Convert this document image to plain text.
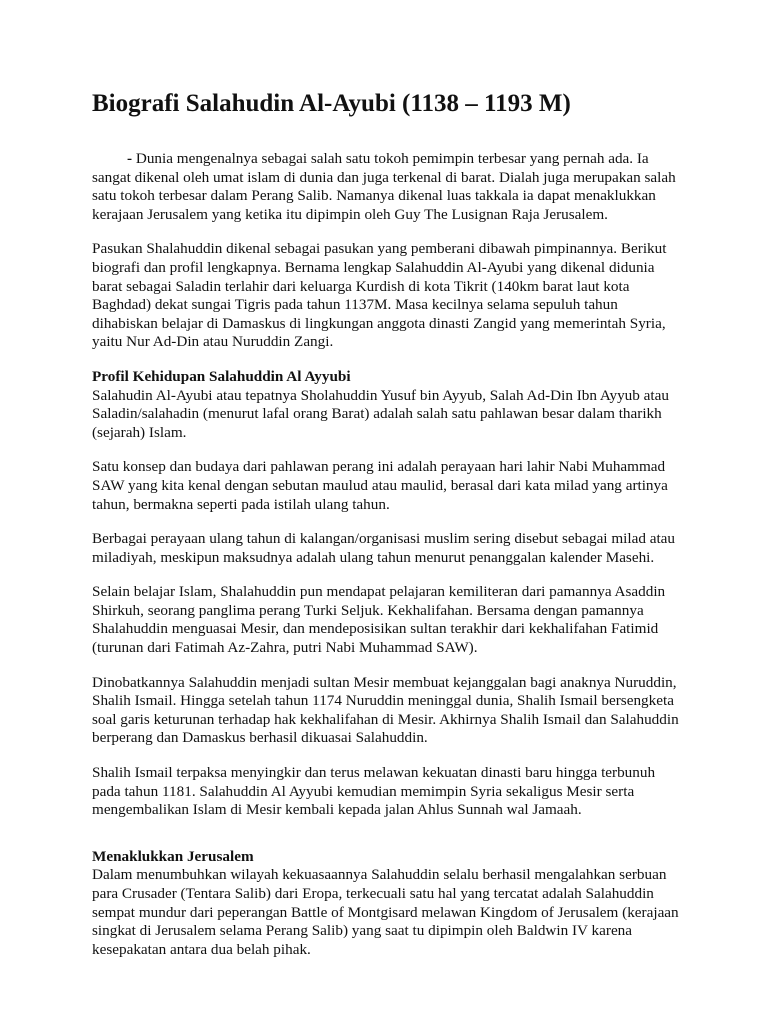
Biografi Salahudin Al-Ayubi (1138 – 1193 M)

- Dunia mengenalnya sebagai salah satu tokoh pemimpin terbesar yang pernah ada. Ia sangat dikenal oleh umat islam di dunia dan juga terkenal di barat. Dialah juga merupakan salah satu tokoh terbesar dalam Perang Salib. Namanya dikenal luas takkala ia dapat menaklukkan kerajaan Jerusalem yang ketika itu dipimpin oleh Guy The Lusignan Raja Jerusalem.

Pasukan Shalahuddin dikenal sebagai pasukan yang pemberani dibawah pimpinannya. Berikut biografi dan profil lengkapnya. Bernama lengkap Salahuddin Al-Ayubi yang dikenal didunia barat sebagai Saladin terlahir dari keluarga Kurdish di kota Tikrit (140km barat laut kota Baghdad) dekat sungai Tigris pada tahun 1137M. Masa kecilnya selama sepuluh tahun dihabiskan belajar di Damaskus di lingkungan anggota dinasti Zangid yang memerintah Syria, yaitu Nur Ad-Din atau Nuruddin Zangi.

Profil Kehidupan Salahuddin Al Ayyubi
Salahudin Al-Ayubi atau tepatnya Sholahuddin Yusuf bin Ayyub, Salah Ad-Din Ibn Ayyub atau Saladin/salahadin (menurut lafal orang Barat) adalah salah satu pahlawan besar dalam tharikh (sejarah) Islam.

Satu konsep dan budaya dari pahlawan perang ini adalah perayaan hari lahir Nabi Muhammad SAW yang kita kenal dengan sebutan maulud atau maulid, berasal dari kata milad yang artinya tahun, bermakna seperti pada istilah ulang tahun.

Berbagai perayaan ulang tahun di kalangan/organisasi muslim sering disebut sebagai milad atau miladiyah, meskipun maksudnya adalah ulang tahun menurut penanggalan kalender Masehi.

Selain belajar Islam, Shalahuddin pun mendapat pelajaran kemiliteran dari pamannya Asaddin Shirkuh, seorang panglima perang Turki Seljuk. Kekhalifahan. Bersama dengan pamannya Shalahuddin menguasai Mesir, dan mendeposisikan sultan terakhir dari kekhalifahan Fatimid (turunan dari Fatimah Az-Zahra, putri Nabi Muhammad SAW).

Dinobatkannya Salahuddin menjadi sultan Mesir membuat kejanggalan bagi anaknya Nuruddin, Shalih Ismail. Hingga setelah tahun 1174 Nuruddin meninggal dunia, Shalih Ismail bersengketa soal garis keturunan terhadap hak kekhalifahan di Mesir. Akhirnya Shalih Ismail dan Salahuddin berperang dan Damaskus berhasil dikuasai Salahuddin.

Shalih Ismail terpaksa menyingkir dan terus melawan kekuatan dinasti baru hingga terbunuh pada tahun 1181. Salahuddin Al Ayyubi kemudian memimpin Syria sekaligus Mesir serta mengembalikan Islam di Mesir kembali kepada jalan Ahlus Sunnah wal Jamaah.

Menaklukkan Jerusalem
Dalam menumbuhkan wilayah kekuasaannya Salahuddin selalu berhasil mengalahkan serbuan para Crusader (Tentara Salib) dari Eropa, terkecuali satu hal yang tercatat adalah Salahuddin sempat mundur dari peperangan Battle of Montgisard melawan Kingdom of Jerusalem (kerajaan singkat di Jerusalem selama Perang Salib) yang saat tu dipimpin oleh Baldwin IV karena kesepakatan antara dua belah pihak.
